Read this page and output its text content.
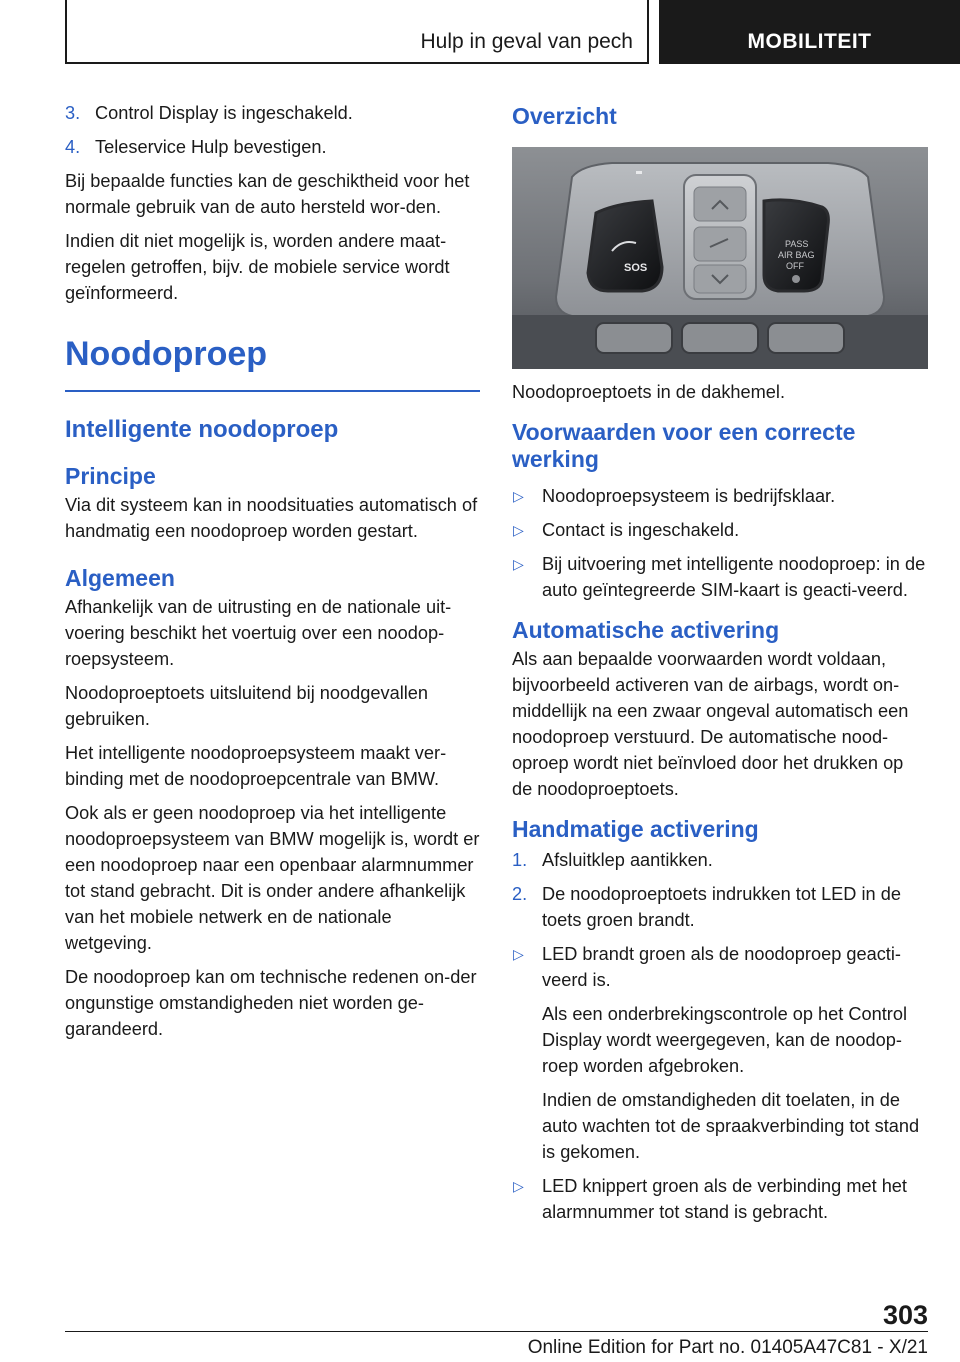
Hulp in geval van pech	MOBILITEIT
3. Control Display is ingeschakeld.
4. Teleservice Hulp bevestigen.

Bij bepaalde functies kan de geschiktheid voor het normale gebruik van de auto hersteld wor-den.

Indien dit niet mogelijk is, worden andere maat-regelen getroffen, bijv. de mobiele service wordt geïnformeerd.

Noodoproep
Intelligente noodoproep
Principe

Via dit systeem kan in noodsituaties automatisch of handmatig een noodoproep worden gestart.

Algemeen

Afhankelijk van de uitrusting en de nationale uit-voering beschikt het voertuig over een noodop-roepsysteem.

Noodoproeptoets uitsluitend bij noodgevallen gebruiken.

Het intelligente noodoproepsysteem maakt ver-binding met de noodoproepcentrale van BMW.

Ook als er geen noodoproep via het intelligente noodoproepsysteem van BMW mogelijk is, wordt er een noodoproep naar een openbaar alarmnummer tot stand gebracht. Dit is onder andere afhankelijk van het mobiele netwerk en de nationale wetgeving.

De noodoproep kan om technische redenen on-der ongunstige omstandigheden niet worden ge-garandeerd.

Overzicht
SOS
PASS
AIR BAG
OFF

Noodoproeptoets in de dakhemel.

Voorwaarden voor een correcte werking
▷	Noodoproepsysteem is bedrijfsklaar.
▷	Contact is ingeschakeld.
▷	Bij uitvoering met intelligente noodoproep: in de auto geïntegreerde SIM-kaart is geacti-veerd.
Automatische activering

Als aan bepaalde voorwaarden wordt voldaan, bijvoorbeeld activeren van de airbags, wordt on-middellijk na een zwaar ongeval automatisch een noodoproep verstuurd. De automatische nood-oproep wordt niet beïnvloed door het drukken op de noodoproeptoets.

Handmatige activering
1. Afsluitklep aantikken.
2. De noodoproeptoets indrukken tot LED in de toets groen brandt.
▷	LED brandt groen als de noodoproep geacti-veerd is.

Als een onderbrekingscontrole op het Control Display wordt weergegeven, kan de noodop-roep worden afgebroken.

Indien de omstandigheden dit toelaten, in de auto wachten tot de spraakverbinding tot stand is gekomen.

▷	LED knippert groen als de verbinding met het alarmnummer tot stand is gebracht.
303
Online Edition for Part no. 01405A47C81 - X/21
